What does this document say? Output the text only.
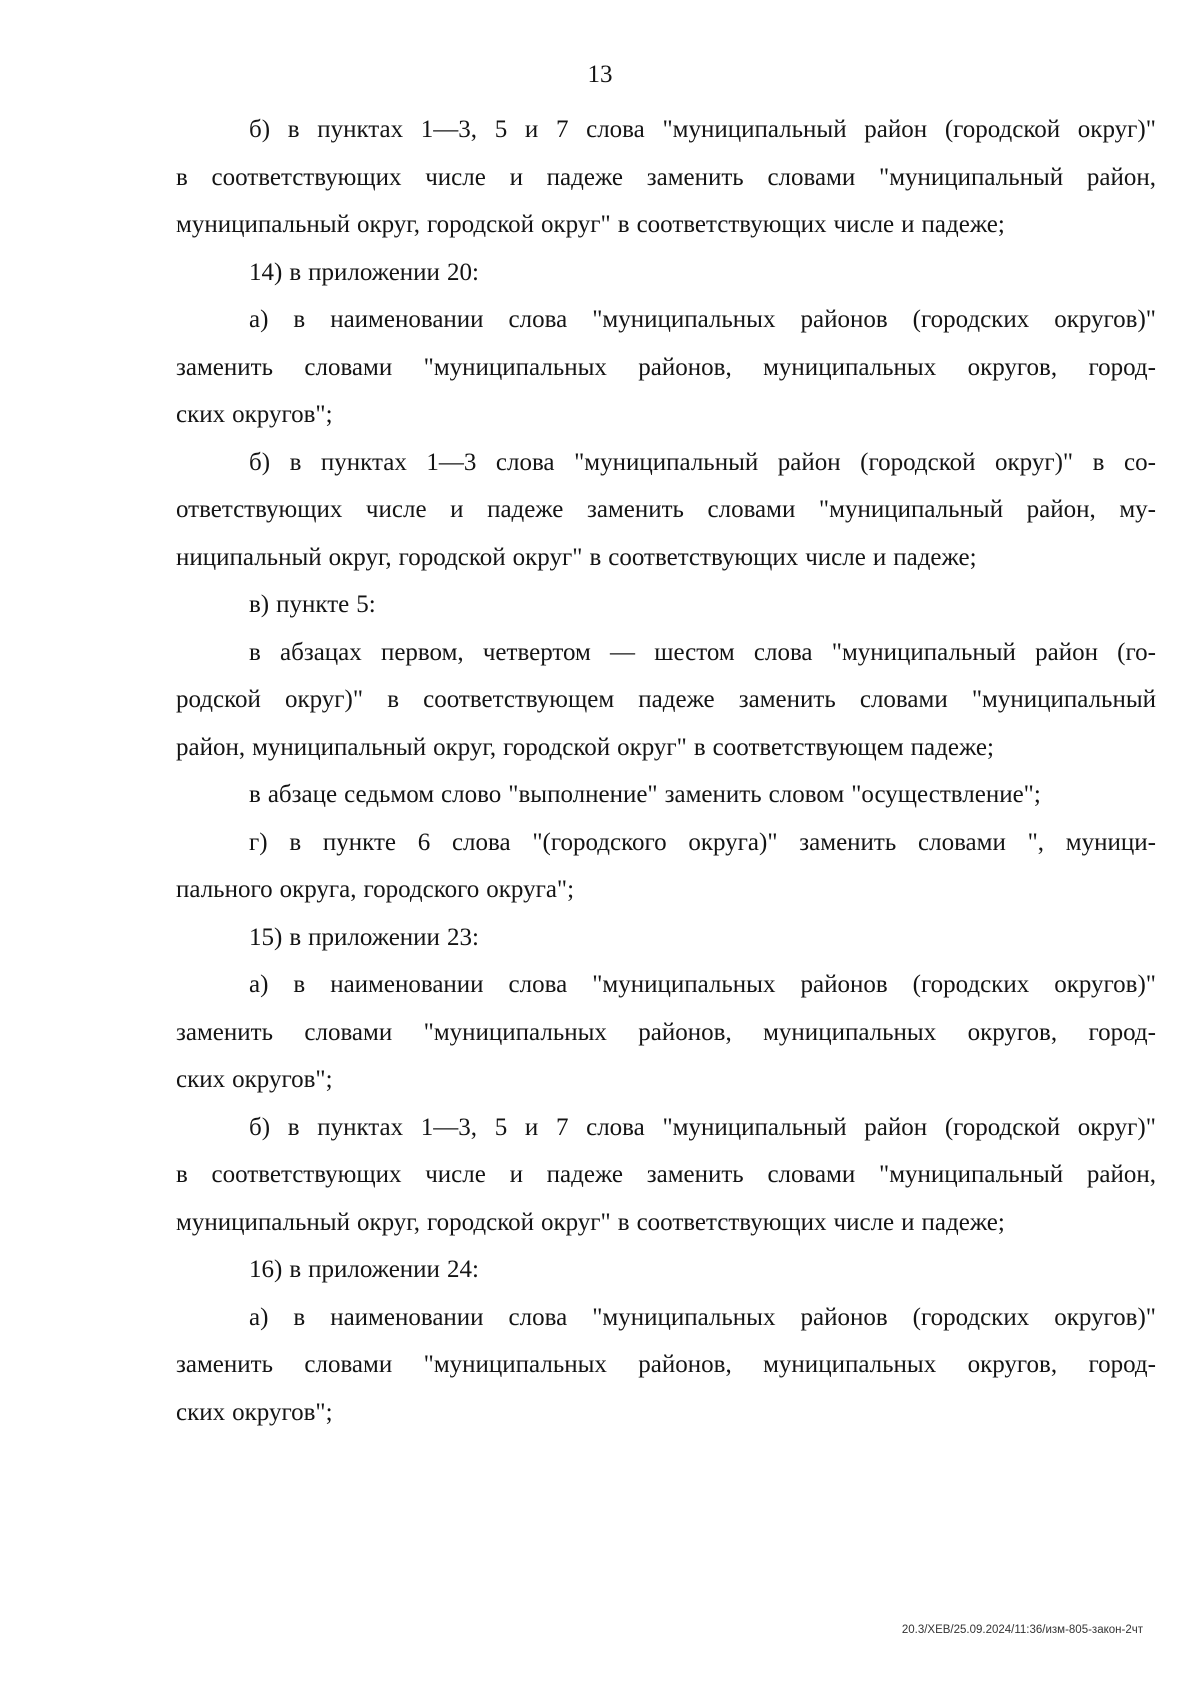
13
б) в пунктах 1—3, 5 и 7 слова "муниципальный район (городской округ)"
в соответствующих числе и падеже заменить словами "муниципальный район,
муниципальный округ, городской округ" в соответствующих числе и падеже;
14) в приложении 20:
а) в наименовании слова "муниципальных районов (городских округов)"
заменить словами "муниципальных районов, муниципальных округов, город-
ских округов";
б) в пунктах 1—3 слова "муниципальный район (городской округ)" в со-
ответствующих числе и падеже заменить словами "муниципальный район, му-
ниципальный округ, городской округ" в соответствующих числе и падеже;
в) пункте 5:
в абзацах первом, четвертом — шестом слова "муниципальный район (го-
родской округ)" в соответствующем падеже заменить словами "муниципальный
район, муниципальный округ, городской округ" в соответствующем падеже;
в абзаце седьмом слово "выполнение" заменить словом "осуществление";
г) в пункте 6 слова "(городского округа)" заменить словами ", муници-
пального округа, городского округа";
15) в приложении 23:
а) в наименовании слова "муниципальных районов (городских округов)"
заменить словами "муниципальных районов, муниципальных округов, город-
ских округов";
б) в пунктах 1—3, 5 и 7 слова "муниципальный район (городской округ)"
в соответствующих числе и падеже заменить словами "муниципальный район,
муниципальный округ, городской округ" в соответствующих числе и падеже;
16) в приложении 24:
а) в наименовании слова "муниципальных районов (городских округов)"
заменить словами "муниципальных районов, муниципальных округов, город-
ских округов";
20.3/ХЕВ/25.09.2024/11:36/изм-805-закон-2чт
